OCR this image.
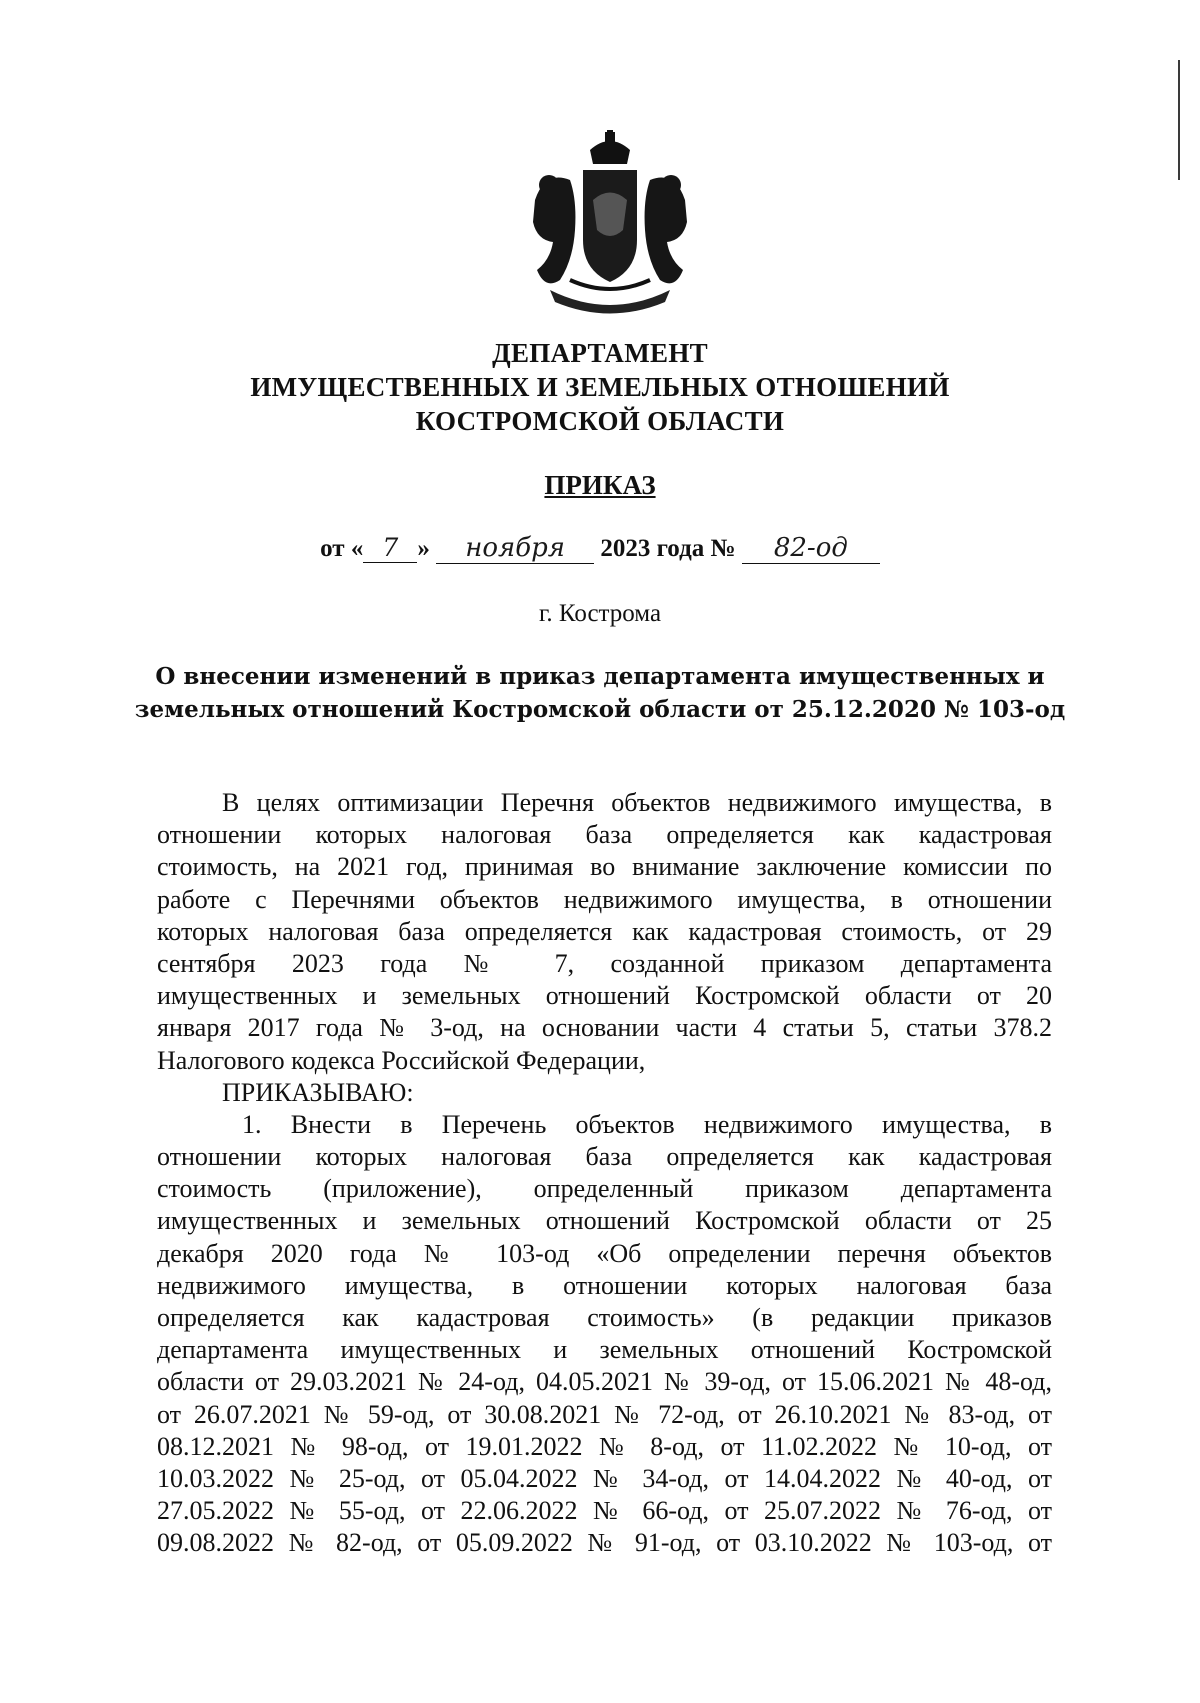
ДЕПАРТАМЕНТ
ИМУЩЕСТВЕННЫХ И ЗЕМЕЛЬНЫХ ОТНОШЕНИЙ
КОСТРОМСКОЙ ОБЛАСТИ
ПРИКАЗ
от « 7 » ноября 2023 года № 82-од
г. Кострома
О внесении изменений в приказ департамента имущественных и
земельных отношений Костромской области от 25.12.2020 № 103-од
В целях оптимизации Перечня объектов недвижимого имущества, в
отношении которых налоговая база определяется как кадастровая
стоимость, на 2021 год, принимая во внимание заключение комиссии по
работе с Перечнями объектов недвижимого имущества, в отношении
которых налоговая база определяется как кадастровая стоимость, от 29
сентября 2023 года № 7, созданной приказом департамента
имущественных и земельных отношений Костромской области от 20
января 2017 года № 3-од, на основании части 4 статьи 5, статьи 378.2
Налогового кодекса Российской Федерации,
ПРИКАЗЫВАЮ:
1. Внести в Перечень объектов недвижимого имущества, в
отношении которых налоговая база определяется как кадастровая
стоимость (приложение), определенный приказом департамента
имущественных и земельных отношений Костромской области от 25
декабря 2020 года № 103-од «Об определении перечня объектов
недвижимого имущества, в отношении которых налоговая база
определяется как кадастровая стоимость» (в редакции приказов
департамента имущественных и земельных отношений Костромской
области от 29.03.2021 № 24-од, 04.05.2021 № 39-од, от 15.06.2021 № 48-од,
от 26.07.2021 № 59-од, от 30.08.2021 № 72-од, от 26.10.2021 № 83-од, от
08.12.2021 № 98-од, от 19.01.2022 № 8-од, от 11.02.2022 № 10-од, от
10.03.2022 № 25-од, от 05.04.2022 № 34-од, от 14.04.2022 № 40-од, от
27.05.2022 № 55-од, от 22.06.2022 № 66-од, от 25.07.2022 № 76-од, от
09.08.2022 № 82-од, от 05.09.2022 № 91-од, от 03.10.2022 № 103-од, от
